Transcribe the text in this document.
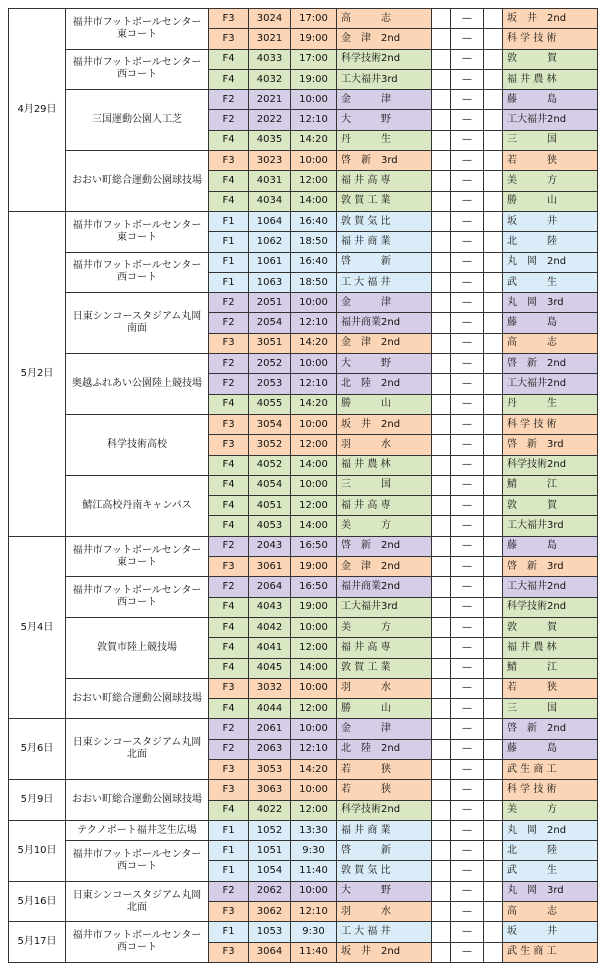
4月29日	福井市フットボールセンター東コート	F3	3024	17:00	高　　　志		—		坂　井　2nd
		F3	3021	19:00	金　津　2nd		—		科 学 技 術
	福井市フットボールセンター西コート	F4	4033	17:00	科学技術2nd		—		敦　　　賀
		F4	4032	19:00	工大福井3rd		—		福 井 農 林
	三国運動公園人工芝	F2	2021	10:00	金　　　津		—		藤　　　島
		F2	2022	12:10	大　　　野		—		工大福井2nd
		F4	4035	14:20	丹　　　生		—		三　　　国
	おおい町総合運動公園球技場	F3	3023	10:00	啓　新　3rd		—		若　　　狭
		F4	4031	12:00	福 井 高 専		—		美　　　方
		F4	4034	14:00	敦 賀 工 業		—		勝　　　山
5月2日	福井市フットボールセンター東コート	F1	1064	16:40	敦 賀 気 比		—		坂　　　井
		F1	1062	18:50	福 井 商 業		—		北　　　陸
	福井市フットボールセンター西コート	F1	1061	16:40	啓　　　新		—		丸　岡　2nd
		F1	1063	18:50	工 大 福 井		—		武　　　生
	日東シンコースタジアム丸岡南面	F2	2051	10:00	金　　　津		—		丸　岡　3rd
		F2	2054	12:10	福井商業2nd		—		藤　　　島
		F3	3051	14:20	金　津　2nd		—		高　　　志
	奥越ふれあい公園陸上競技場	F2	2052	10:00	大　　　野		—		啓　新　2nd
		F2	2053	12:10	北　陸　2nd		—		工大福井2nd
		F4	4055	14:20	勝　　　山		—		丹　　　生
	科学技術高校	F3	3054	10:00	坂　井　2nd		—		科 学 技 術
		F3	3052	12:00	羽　　　水		—		啓　新　3rd
		F4	4052	14:00	福 井 農 林		—		科学技術2nd
	鯖江高校丹南キャンパス	F4	4054	10:00	三　　　国		—		鯖　　　江
		F4	4051	12:00	福 井 高 専		—		敦　　　賀
		F4	4053	14:00	美　　　方		—		工大福井3rd
5月4日	福井市フットボールセンター東コート	F2	2043	16:50	啓　新　2nd		—		藤　　　島
		F3	3061	19:00	金　津　2nd		—		啓　新　3rd
	福井市フットボールセンター西コート	F2	2064	16:50	福井商業2nd		—		工大福井2nd
		F4	4043	19:00	工大福井3rd		—		科学技術2nd
	敦賀市陸上競技場	F4	4042	10:00	美　　　方		—		敦　　　賀
		F4	4041	12:00	福 井 高 専		—		福 井 農 林
		F4	4045	14:00	敦 賀 工 業		—		鯖　　　江
	おおい町総合運動公園球技場	F3	3032	10:00	羽　　　水		—		若　　　狭
		F4	4044	12:00	勝　　　山		—		三　　　国
5月6日	日東シンコースタジアム丸岡北面	F2	2061	10:00	金　　　津		—		啓　新　2nd
		F2	2063	12:10	北　陸　2nd		—		藤　　　島
		F3	3053	14:20	若　　　狭		—		武 生 商 工
5月9日	おおい町総合運動公園球技場	F3	3063	10:00	若　　　狭		—		科 学 技 術
		F4	4022	12:00	科学技術2nd		—		美　　　方
5月10日	テクノポート福井芝生広場	F1	1052	13:30	福 井 商 業		—		丸　岡　2nd
	福井市フットボールセンター西コート	F1	1051	9:30	啓　　　新		—		北　　　陸
		F1	1054	11:40	敦 賀 気 比		—		武　　　生
5月16日	日東シンコースタジアム丸岡北面	F2	2062	10:00	大　　　野		—		丸　岡　3rd
		F3	3062	12:10	羽　　　水		—		高　　　志
5月17日	福井市フットボールセンター西コート	F1	1053	9:30	工 大 福 井		—		坂　　　井
		F3	3064	11:40	坂　井　2nd		—		武 生 商 工
